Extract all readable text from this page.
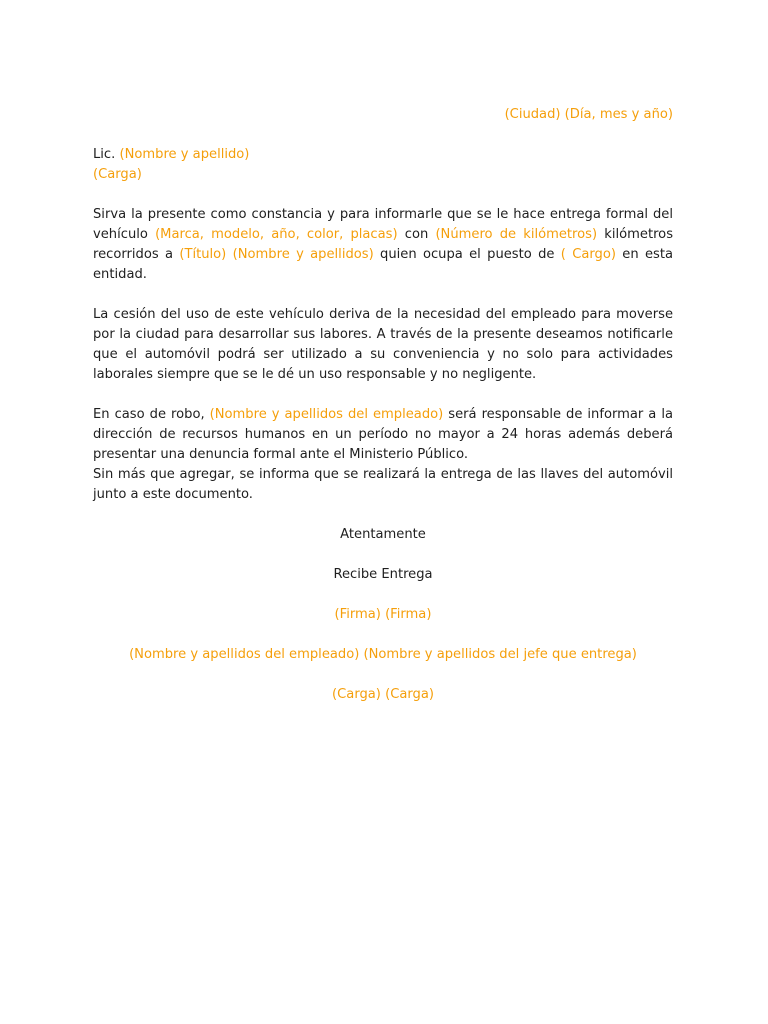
(Ciudad) (Día, mes y año)

Lic. (Nombre y apellido)

(Carga)

Sirva la presente como constancia y para informarle que se le hace entrega formal del vehículo (Marca, modelo, año, color, placas) con (Número de kilómetros) kilómetros recorridos a (Título) (Nombre y apellidos) quien ocupa el puesto de ( Cargo) en esta entidad.

La cesión del uso de este vehículo deriva de la necesidad del empleado para moverse por la ciudad para desarrollar sus labores. A través de la presente deseamos notificarle que el automóvil podrá ser utilizado a su conveniencia y no solo para actividades laborales siempre que se le dé un uso responsable y no negligente.

En caso de robo, (Nombre y apellidos del empleado) será responsable de informar a la dirección de recursos humanos en un período no mayor a 24 horas además deberá presentar una denuncia formal ante el Ministerio Público.

Sin más que agregar, se informa que se realizará la entrega de las llaves del automóvil junto a este documento.

Atentamente

Recibe Entrega

(Firma) (Firma)

(Nombre y apellidos del empleado) (Nombre y apellidos del jefe que entrega)

(Carga) (Carga)
